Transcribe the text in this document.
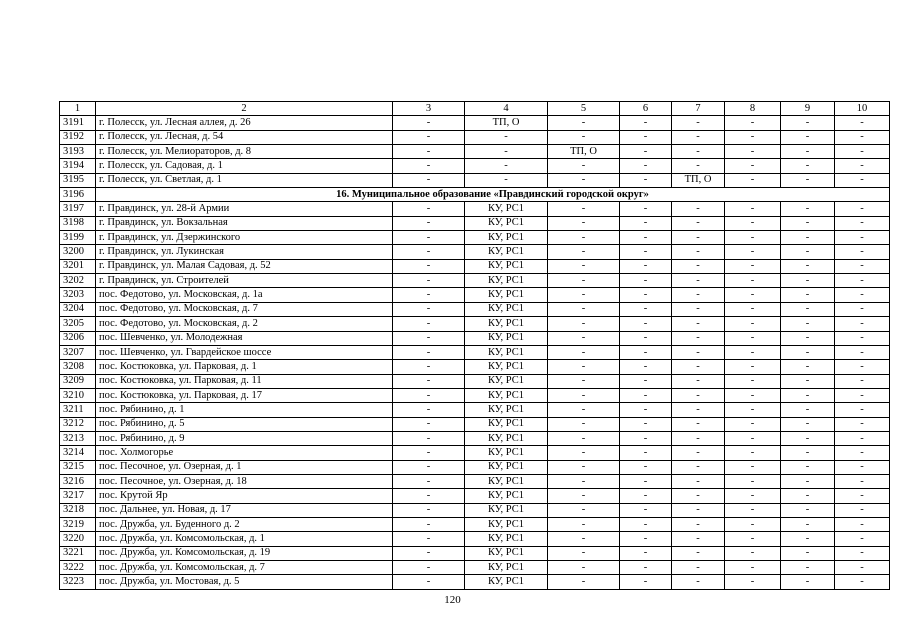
1	2	3	4	5	6	7	8	9	10
3191	г. Полесск, ул. Лесная аллея, д. 26	-	ТП, О	-	-	-	-	-	-
3192	г. Полесск, ул. Лесная, д. 54	-	-	-	-	-	-	-	-
3193	г. Полесск, ул. Мелиораторов, д. 8	-	-	ТП, О	-	-	-	-	-
3194	г. Полесск, ул. Садовая, д. 1	-	-	-	-	-	-	-	-
3195	г. Полесск, ул. Светлая, д. 1	-	-	-	-	ТП, О	-	-	-
3196	16. Муниципальное образование «Правдинский городской округ»								
3197	г. Правдинск, ул. 28-й Армии	-	КУ, РС1	-	-	-	-	-	-
3198	г. Правдинск, ул. Вокзальная	-	КУ, РС1	-	-	-	-	-	-
3199	г. Правдинск, ул. Дзержинского	-	КУ, РС1	-	-	-	-	-	-
3200	г. Правдинск, ул. Лукинская	-	КУ, РС1	-	-	-	-	-	-
3201	г. Правдинск, ул. Малая Садовая, д. 52	-	КУ, РС1	-	-	-	-	-	-
3202	г. Правдинск, ул. Строителей	-	КУ, РС1	-	-	-	-	-	-
3203	пос. Федотово, ул. Московская, д. 1а	-	КУ, РС1	-	-	-	-	-	-
3204	пос. Федотово, ул. Московская, д. 7	-	КУ, РС1	-	-	-	-	-	-
3205	пос. Федотово, ул. Московская, д. 2	-	КУ, РС1	-	-	-	-	-	-
3206	пос. Шевченко, ул. Молодежная	-	КУ, РС1	-	-	-	-	-	-
3207	пос. Шевченко, ул. Гвардейское шоссе	-	КУ, РС1	-	-	-	-	-	-
3208	пос. Костюковка, ул. Парковая, д. 1	-	КУ, РС1	-	-	-	-	-	-
3209	пос. Костюковка, ул. Парковая, д. 11	-	КУ, РС1	-	-	-	-	-	-
3210	пос. Костюковка, ул. Парковая, д. 17	-	КУ, РС1	-	-	-	-	-	-
3211	пос. Рябинино, д. 1	-	КУ, РС1	-	-	-	-	-	-
3212	пос. Рябинино, д. 5	-	КУ, РС1	-	-	-	-	-	-
3213	пос. Рябинино, д. 9	-	КУ, РС1	-	-	-	-	-	-
3214	пос. Холмогорье	-	КУ, РС1	-	-	-	-	-	-
3215	пос. Песочное, ул. Озерная, д. 1	-	КУ, РС1	-	-	-	-	-	-
3216	пос. Песочное, ул. Озерная, д. 18	-	КУ, РС1	-	-	-	-	-	-
3217	пос. Крутой Яр	-	КУ, РС1	-	-	-	-	-	-
3218	пос. Дальнее, ул. Новая, д. 17	-	КУ, РС1	-	-	-	-	-	-
3219	пос. Дружба, ул. Буденного д. 2	-	КУ, РС1	-	-	-	-	-	-
3220	пос. Дружба, ул. Комсомольская, д. 1	-	КУ, РС1	-	-	-	-	-	-
3221	пос. Дружба, ул. Комсомольская, д. 19	-	КУ, РС1	-	-	-	-	-	-
3222	пос. Дружба, ул. Комсомольская, д. 7	-	КУ, РС1	-	-	-	-	-	-
3223	пос. Дружба, ул. Мостовая, д. 5	-	КУ, РС1	-	-	-	-	-	-
120
